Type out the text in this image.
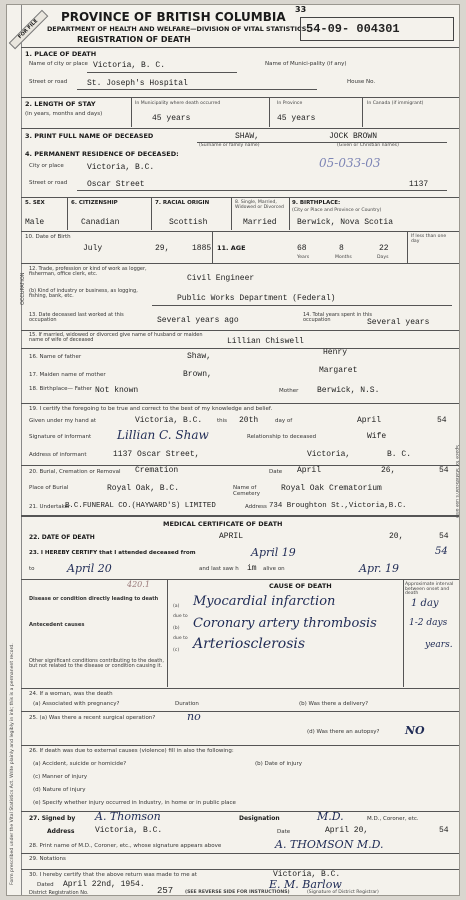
Form prescribed under the Vital Statistics Act. Write plainly and legibly in ink; this is a permanent record.
Space for Statistician's use only
FOR FILE
PROVINCE OF BRITISH COLUMBIA
DEPARTMENT OF HEALTH AND WELFARE—DIVISION OF VITAL STATISTICS
REGISTRATION OF DEATH
33
54-09- 004301
1. PLACE OF DEATH
Name of city or place Victoria, B. C.	Name of Munici-pality (if any)
Street or road St. Joseph's Hospital	House No.
2. LENGTH OF STAY
(in years, months and days)
In Municipality where death occurred
45 years
In Province
45 years
In Canada (if immigrant)
3. PRINT FULL NAME OF DECEASED	SHAW,	JOCK BROWN
(Surname or family name)	(Given or Christian names)
4. PERMANENT RESIDENCE OF DECEASED:
City or place	Victoria, B.C.	05-033-03
Street or road Oscar Street	1137
5. SEX
Male
6. CITIZENSHIP
Canadian
7. RACIAL ORIGIN
Scottish
8. Single, Married, Widowed or Divorced
Married
9. BIRTHPLACE:
(City or Place and Province or Country)
Berwick, Nova Scotia
10. Date of Birth
July	29,	1885 11. AGE	68	8	22
Years	Months	Days
If less than one day
OCCUPATION
12. Trade, profession or kind of work as logger, fisherman, office clerk, etc.	Civil Engineer
(b) Kind of industry or business, as logging, fishing, bank, etc.	Public Works Department (Federal)
13. Date deceased last worked at this occupation	Several years ago
14. Total years spent in this occupation	Several years
15. If married, widowed or divorced give name of husband or maiden name of wife of deceased	Lillian Chiswell
16. Name of father	Shaw,	Henry
17. Maiden name of mother	Brown,	Margaret
18. Birthplace— Father Not known	Mother Berwick, N.S.
19. I certify the foregoing to be true and correct to the best of my knowledge and belief.
Given under my hand at	Victoria, B.C.	this 20th	day of	April	54
Signature of informant Lillian C. Shaw	Relationship to deceased	Wife
Address of informant	1137 Oscar Street,	Victoria,	B. C.
20. Burial, Cremation or Removal Cremation	Date April	26,	54
Place of Burial	Royal Oak, B.C.	Name of Cemetery
Royal Oak Crematorium
21. Undertaker
B.C.FUNERAL CO.(HAYWARD'S) LIMITED	Address 734 Broughton St.,Victoria,B.C.
MEDICAL CERTIFICATE OF DEATH
22. DATE OF DEATH	APRIL	20,	54
23. I HEREBY CERTIFY that I attended deceased from	April 19	54
to	April 20	and last saw h im alive on	Apr. 19
420.1	CAUSE OF DEATH	Approximate interval between onset and death
Disease or condition directly leading to death
(a) Myocardial infarction	1 day
due to
Antecedent causes
(b) Coronary artery thrombosis	1-2 days
due to
(c) Arteriosclerosis	years.
Other significant conditions contributing to the death, but not related to the disease or condition causing it.
24. If a woman, was the death
(a) Associated with pregnancy?	Duration	(b) Was there a delivery?
25. (a) Was there a recent surgical operation?	no
(d) Was there an autopsy? NO
26. If death was due to external causes (violence) fill in also the following:
(a) Accident, suicide or homicide?	(b) Date of injury
(c) Manner of injury
(d) Nature of injury
(e) Specify whether injury occurred in Industry, in home or in public place
27. Signed by A. Thomson	Designation	M.D.	M.D., Coroner, etc.
Address	Victoria, B.C.	Date	April 20,	54
28. Print name of M.D., Coroner, etc., whose signature appears above	A. THOMSON M.D.
29. Notations
30. I hereby certify that the above return was made to me at	Victoria, B.C.
Dated April 22nd, 1954.	E. M. Barlow
District Registration No.	257	(Signature of District Registrar)
(SEE REVERSE SIDE FOR INSTRUCTIONS)
